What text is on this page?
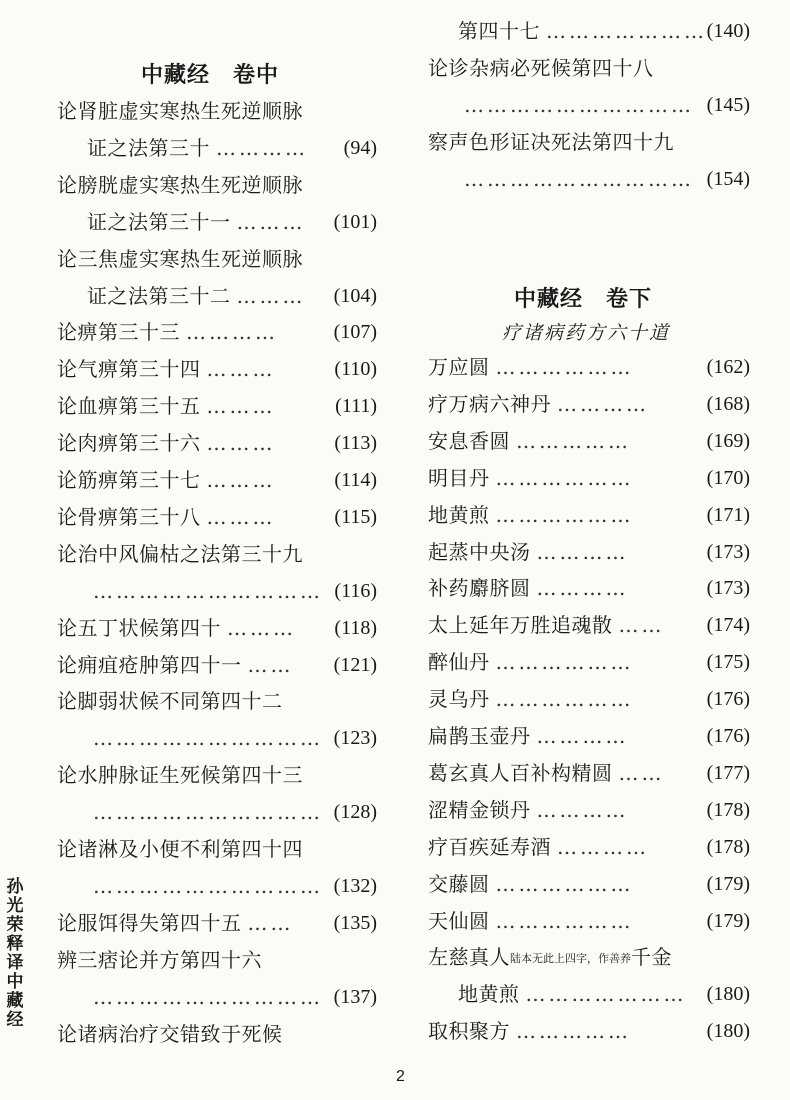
中藏经　卷中
论肾脏虚实寒热生死逆顺脉
证之法第三十 ………… (94)
论膀胱虚实寒热生死逆顺脉
证之法第三十一 ……… (101)
论三焦虚实寒热生死逆顺脉
证之法第三十二 ……… (104)
论痹第三十三 …………	(107)
论气痹第三十四 ………	(110)
论血痹第三十五 ………	(111)
论肉痹第三十六 ………	(113)
论筋痹第三十七 ………	(114)
论骨痹第三十八 ………	(115)
论治中风偏枯之法第三十九
………………………… (116)
论五丁状候第四十 ……… (118)
论痈疽疮肿第四十一 …… (121)
论脚弱状候不同第四十二
………………………… (123)
论水肿脉证生死候第四十三
………………………… (128)
论诸淋及小便不利第四十四
………………………… (132)
论服饵得失第四十五 …… (135)
辨三痞论并方第四十六
………………………… (137)
论诸病治疗交错致于死候
第四十七 ………………… (140)
论诊杂病必死候第四十八
………………………… (145)
察声色形证决死法第四十九
………………………… (154)
中藏经　卷下
疗诸病药方六十道
万应圆 ………………	(162)
疗万病六神丹 …………	(168)
安息香圆 ……………	(169)
明目丹 ………………	(170)
地黄煎 ………………	(171)
起蒸中央汤 …………	(173)
补药麝脐圆 …………	(173)
太上延年万胜追魂散 …… (174)
醉仙丹 ………………	(175)
灵乌丹 ………………	(176)
扁鹊玉壶丹 …………	(176)
葛玄真人百补构精圆 …… (177)
涩精金锁丹 …………	(178)
疗百疾延寿酒 …………	(178)
交藤圆 ………………	(179)
天仙圆 ………………	(179)
左慈真人陆本无此上四字，作善养千金
地黄煎 ………………… (180)
取积聚方 ……………	(180)
孙
光
荣
释
译
中
藏
经
2
